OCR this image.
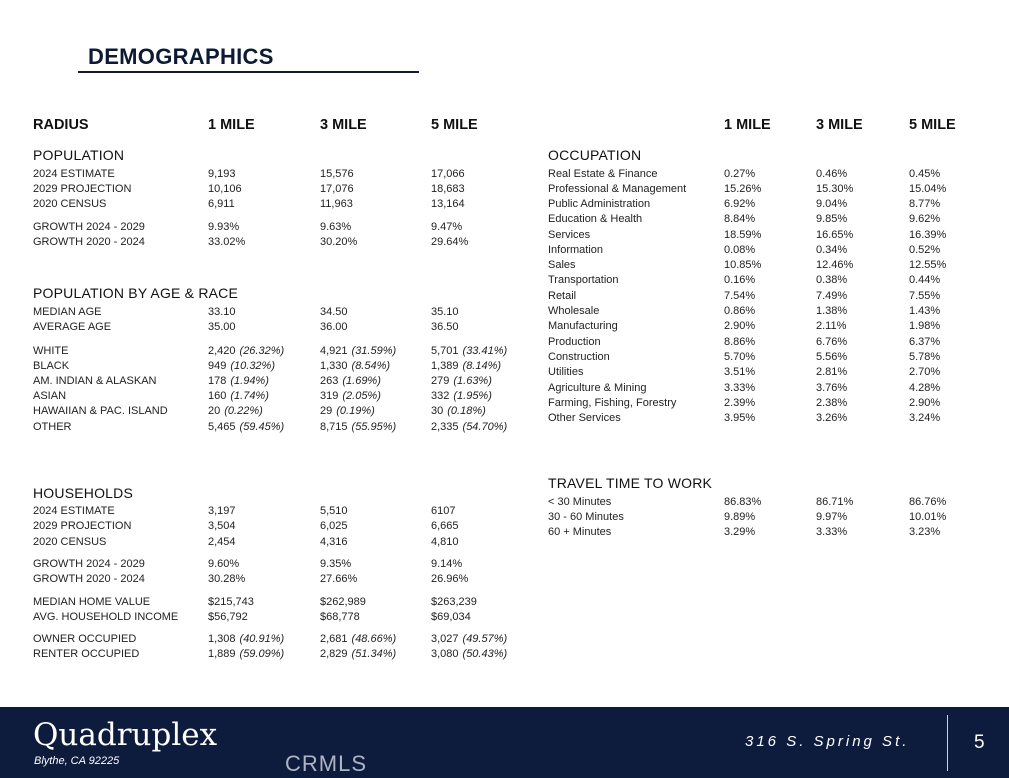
DEMOGRAPHICS
RADIUS	1 MILE	3 MILE	5 MILE	1 MILE	3 MILE	5 MILE
POPULATION
POPULATION BY AGE & RACE
HOUSEHOLDS
OCCUPATION
TRAVEL TIME TO WORK
2024 ESTIMATE	9,193	15,576	17,066
2029 PROJECTION	10,106	17,076	18,683
2020 CENSUS	6,911	11,963	13,164
GROWTH 2024 - 2029	9.93%	9.63%	9.47%
GROWTH 2020 - 2024	33.02%	30.20%	29.64%
MEDIAN AGE	33.10	34.50	35.10
AVERAGE AGE	35.00	36.00	36.50
WHITE	2,420 (26.32%)	4,921 (31.59%)	5,701 (33.41%)
BLACK	949 (10.32%)	1,330 (8.54%)	1,389 (8.14%)
AM. INDIAN & ALASKAN	178 (1.94%)	263 (1.69%)	279 (1.63%)
ASIAN	160 (1.74%)	319 (2.05%)	332 (1.95%)
HAWAIIAN & PAC. ISLAND	20 (0.22%)	29 (0.19%)	30 (0.18%)
OTHER	5,465 (59.45%)	8,715 (55.95%)	2,335 (54.70%)
2024 ESTIMATE	3,197	5,510	6107
2029 PROJECTION	3,504	6,025	6,665
2020 CENSUS	2,454	4,316	4,810
GROWTH 2024 - 2029	9.60%	9.35%	9.14%
GROWTH 2020 - 2024	30.28%	27.66%	26.96%
MEDIAN HOME VALUE	$215,743	$262,989	$263,239
AVG. HOUSEHOLD INCOME	$56,792	$68,778	$69,034
OWNER OCCUPIED	1,308 (40.91%)	2,681 (48.66%)	3,027 (49.57%)
RENTER OCCUPIED	1,889 (59.09%)	2,829 (51.34%)	3,080 (50.43%)
Real Estate & Finance	0.27%	0.46%	0.45%
Professional & Management	15.26%	15.30%	15.04%
Public Administration	6.92%	9.04%	8.77%
Education & Health	8.84%	9.85%	9.62%
Services	18.59%	16.65%	16.39%
Information	0.08%	0.34%	0.52%
Sales	10.85%	12.46%	12.55%
Transportation	0.16%	0.38%	0.44%
Retail	7.54%	7.49%	7.55%
Wholesale	0.86%	1.38%	1.43%
Manufacturing	2.90%	2.11%	1.98%
Production	8.86%	6.76%	6.37%
Construction	5.70%	5.56%	5.78%
Utilities	3.51%	2.81%	2.70%
Agriculture & Mining	3.33%	3.76%	4.28%
Farming, Fishing, Forestry	2.39%	2.38%	2.90%
Other Services	3.95%	3.26%	3.24%
< 30 Minutes	86.83%	86.71%	86.76%
30 - 60 Minutes	9.89%	9.97%	10.01%
60 + Minutes	3.29%	3.33%	3.23%
Quadruplex
Blythe, CA 92225	CRMLS
316 S. Spring St.	5
